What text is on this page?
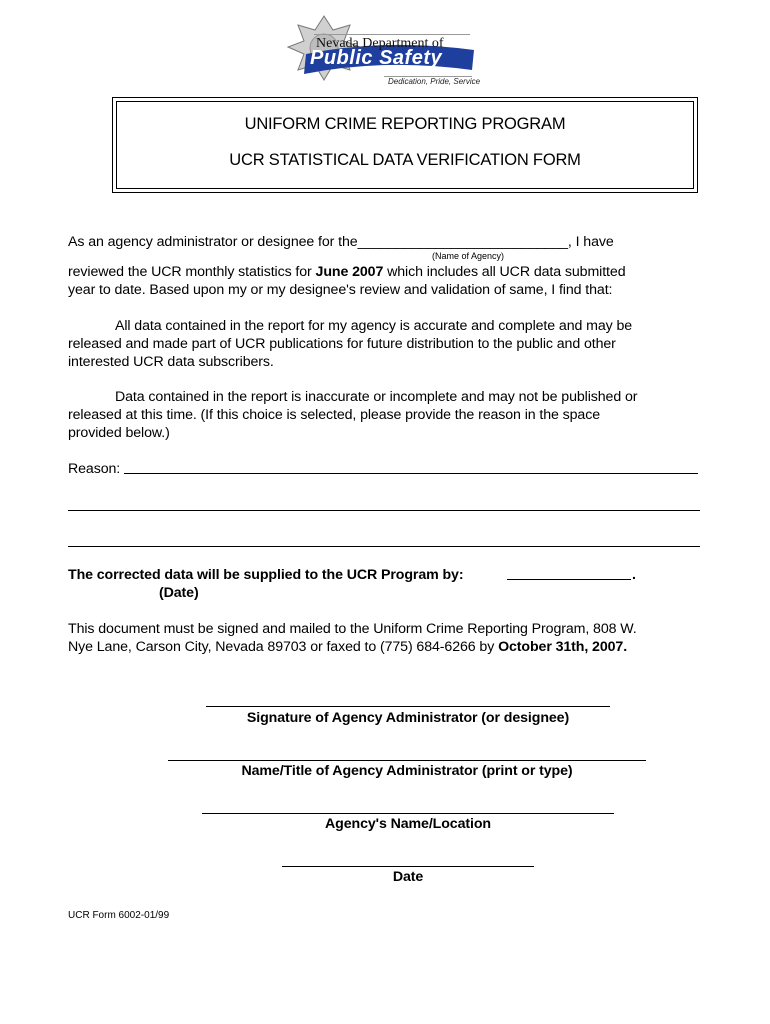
Nevada Department of
Public Safety
Dedication, Pride, Service
UNIFORM CRIME REPORTING PROGRAM
UCR STATISTICAL DATA VERIFICATION FORM
As an agency administrator or designee for the___________________________, I have
(Name of Agency)
reviewed the UCR monthly statistics for June 2007 which includes all UCR data submitted
year to date. Based upon my or my designee's review and validation of same, I find that:
All data contained in the report for my agency is accurate and complete and may be
released and made part of UCR publications for future distribution to the public and other
interested UCR data subscribers.
Data contained in the report is inaccurate or incomplete and may not be published or
released at this time. (If this choice is selected, please provide the reason in the space
provided below.)
Reason:
The corrected data will be supplied to the UCR Program by:	.
(Date)
This document must be signed and mailed to the Uniform Crime Reporting Program, 808 W.
Nye Lane, Carson City, Nevada 89703 or faxed to (775) 684-6266 by October 31th, 2007.
Signature of Agency Administrator (or designee)
Name/Title of Agency Administrator (print or type)
Agency's Name/Location
Date
UCR Form 6002-01/99
